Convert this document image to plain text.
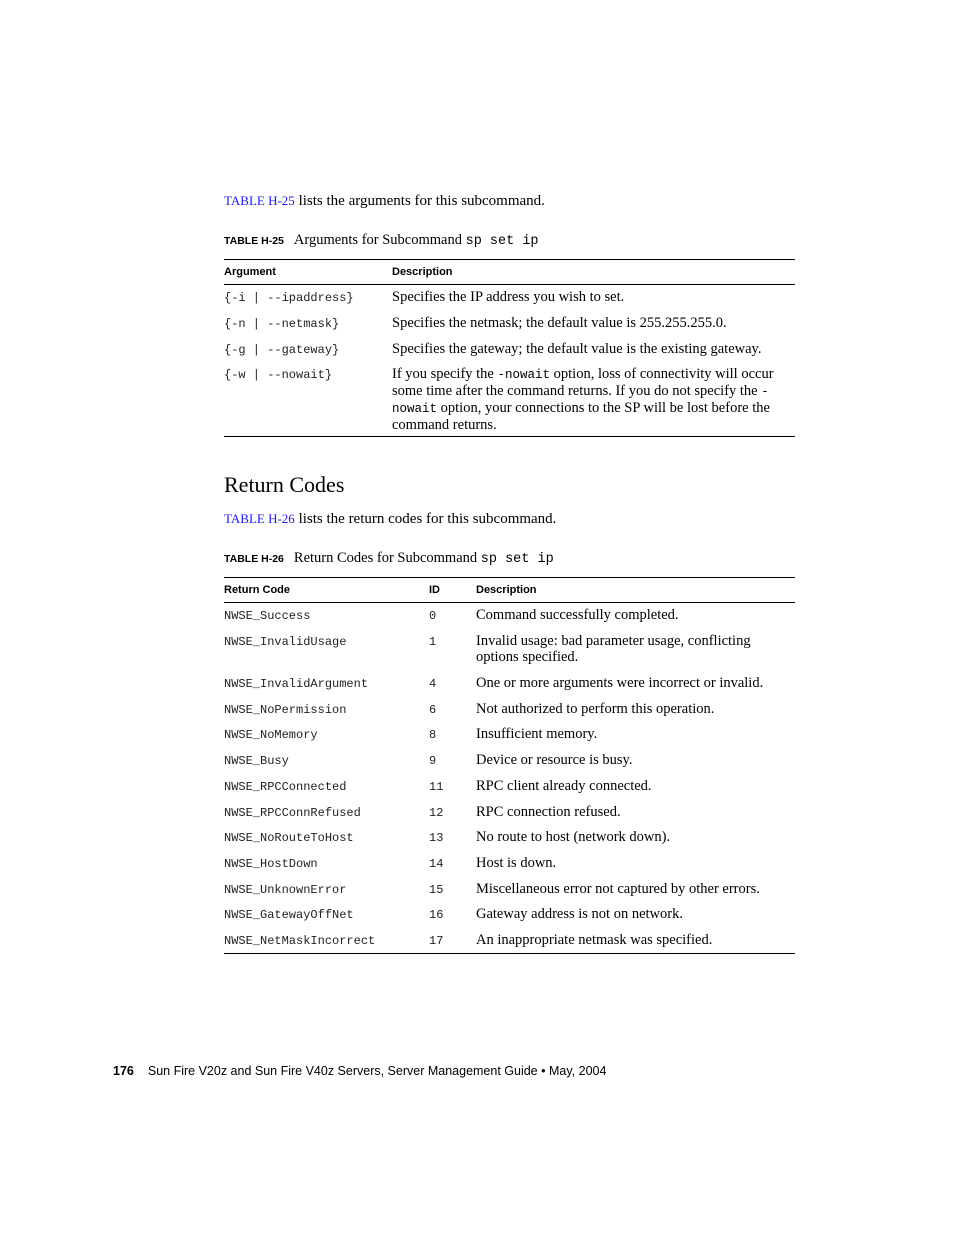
TABLE H-25 lists the arguments for this subcommand.
TABLE H-25 Arguments for Subcommand sp set ip
Argument	Description
{-i | --ipaddress}	Specifies the IP address you wish to set.
{-n | --netmask}	Specifies the netmask; the default value is 255.255.255.0.
{-g | --gateway}	Specifies the gateway; the default value is the existing gateway.
{-w | --nowait}	If you specify the -nowait option, loss of connectivity will occur some time after the command returns. If you do not specify the -nowait option, your connections to the SP will be lost before the command returns.
Return Codes
TABLE H-26 lists the return codes for this subcommand.
TABLE H-26 Return Codes for Subcommand sp set ip
Return Code	ID	Description
NWSE_Success	0	Command successfully completed.
NWSE_InvalidUsage	1	Invalid usage: bad parameter usage, conflicting options specified.
NWSE_InvalidArgument	4	One or more arguments were incorrect or invalid.
NWSE_NoPermission	6	Not authorized to perform this operation.
NWSE_NoMemory	8	Insufficient memory.
NWSE_Busy	9	Device or resource is busy.
NWSE_RPCConnected	11 RPC client already connected.
NWSE_RPCConnRefused	12 RPC connection refused.
NWSE_NoRouteToHost	13 No route to host (network down).
NWSE_HostDown	14 Host is down.
NWSE_UnknownError	15 Miscellaneous error not captured by other errors.
NWSE_GatewayOffNet	16 Gateway address is not on network.
NWSE_NetMaskIncorrect	17 An inappropriate netmask was specified.
176 Sun Fire V20z and Sun Fire V40z Servers, Server Management Guide • May, 2004
